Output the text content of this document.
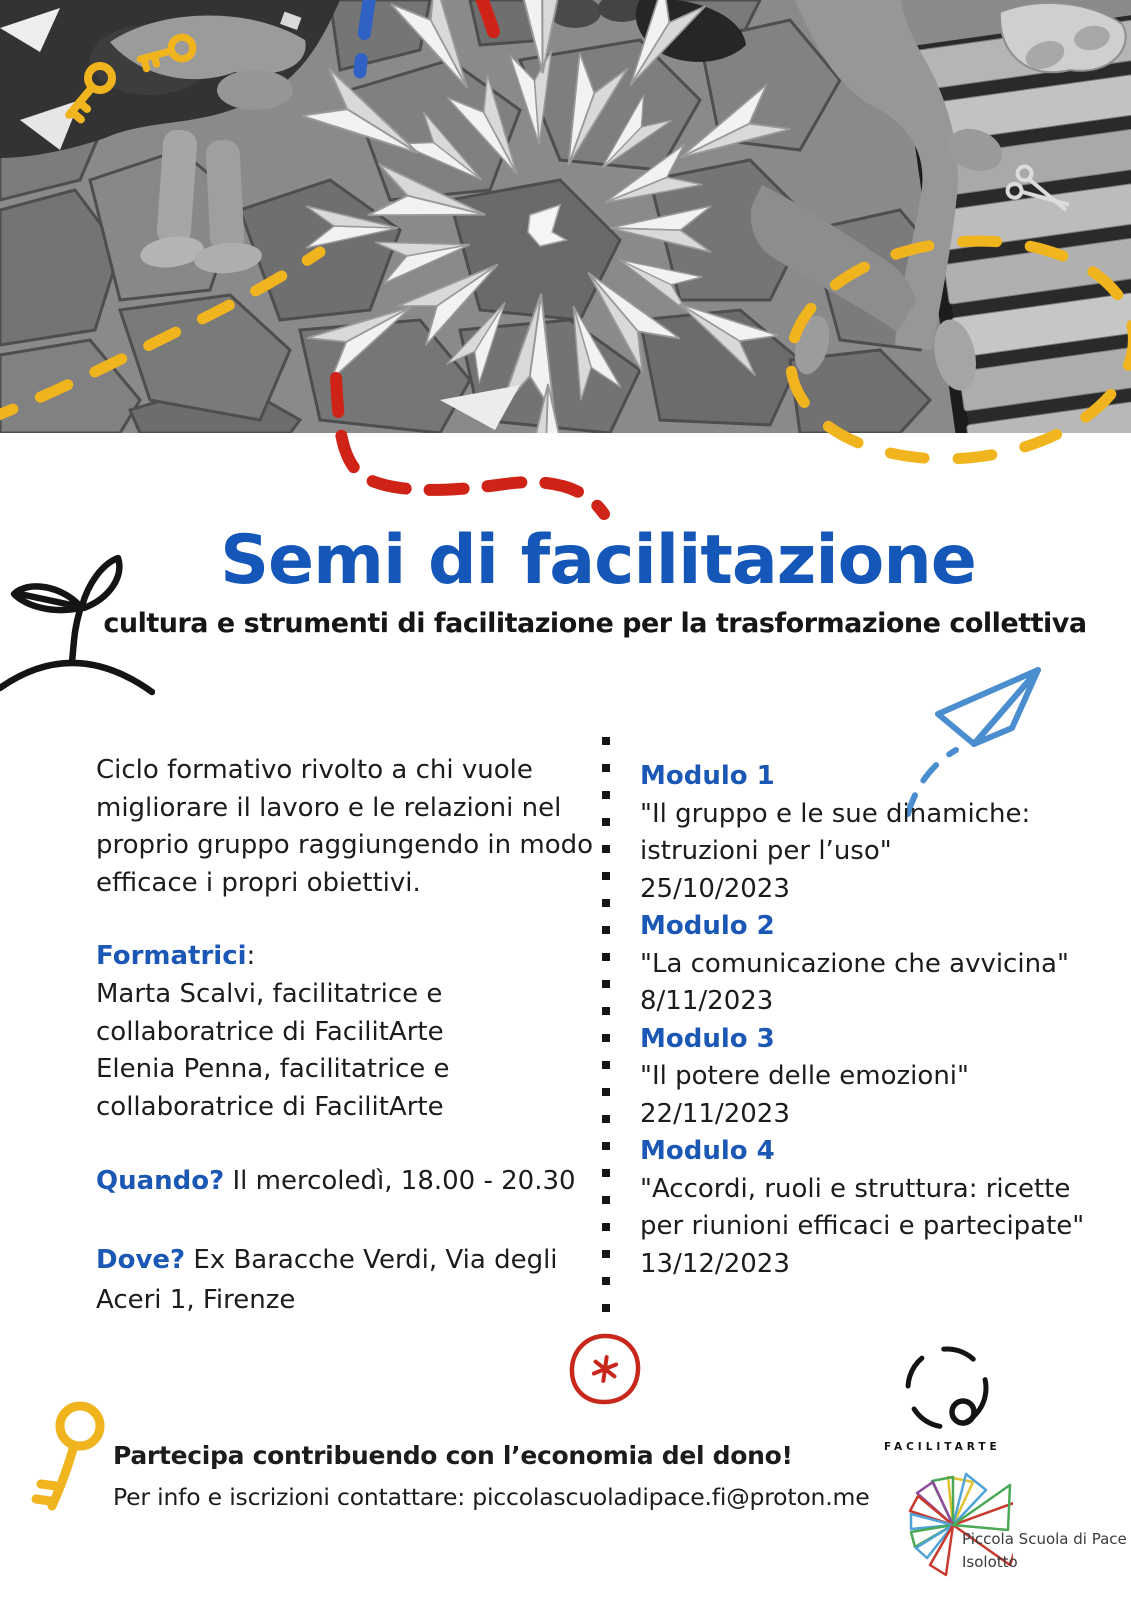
Semi di facilitazione
cultura e strumenti di facilitazione per la trasformazione collettiva
Ciclo formativo rivolto a chi vuole
migliorare il lavoro e le relazioni nel
proprio gruppo raggiungendo in modo
efficace i propri obiettivi.
Formatrici:
Marta Scalvi, facilitatrice e
collaboratrice di FacilitArte
Elenia Penna, facilitatrice e
collaboratrice di FacilitArte
Quando? Il mercoledì, 18.00 - 20.30
Dove? Ex Baracche Verdi, Via degli
Aceri 1, Firenze
Modulo 1
"Il gruppo e le sue dinamiche:
istruzioni per l’uso"
25/10/2023
Modulo 2
"La comunicazione che avvicina"
8/11/2023
Modulo 3
"Il potere delle emozioni"
22/11/2023
Modulo 4
"Accordi, ruoli e struttura: ricette
per riunioni efficaci e partecipate"
13/12/2023
Partecipa contribuendo con l’economia del dono!
Per info e iscrizioni contattare: piccolascuoladipace.fi@proton.me
FACILITARTE
Piccola Scuola di Pace
Isolotto
